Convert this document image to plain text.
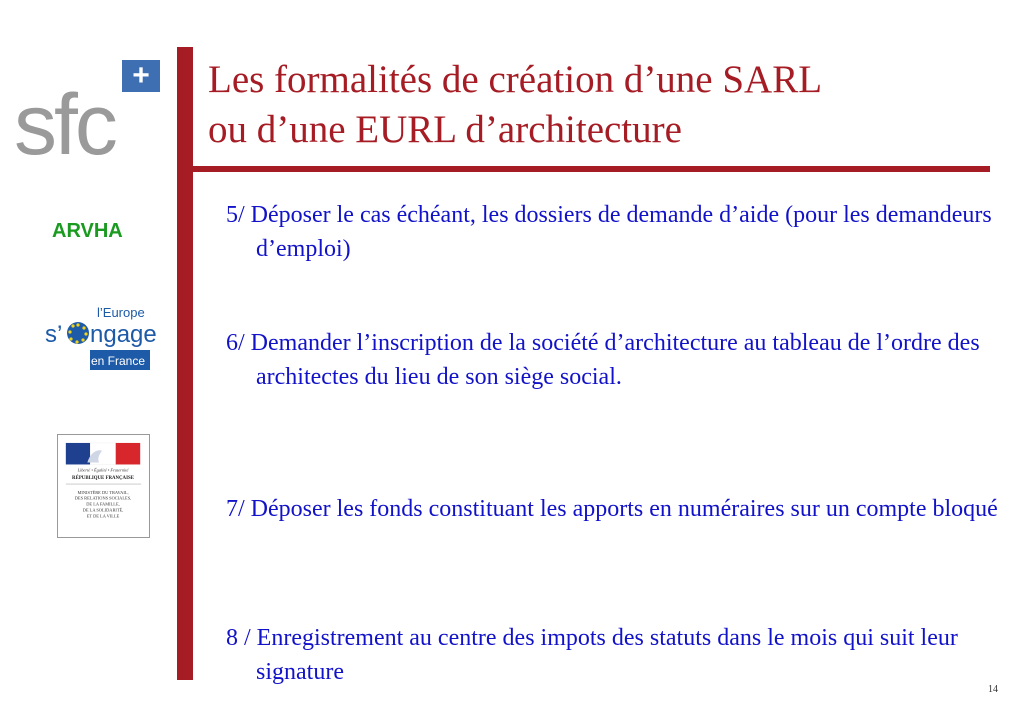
+
sfc
ARVHA
l’Europe
s’ ngage
en France
Liberté • Égalité • Fraternité
RÉPUBLIQUE FRANÇAISE
MINISTÈRE DU TRAVAIL,
DES RELATIONS SOCIALES,
DE LA FAMILLE,
DE LA SOLIDARITÉ,
ET DE LA VILLE
Les formalités de création d’une SARL
ou d’une EURL d’architecture

5/ Déposer le cas échéant, les dossiers de demande d’aide (pour les demandeurs d’emploi)

6/ Demander l’inscription de la société d’architecture au tableau de l’ordre des architectes du lieu de son siège social.

7/ Déposer les fonds constituant les apports en numéraires sur un compte bloqué

8 / Enregistrement au centre des impots des statuts dans le mois qui suit leur signature

14
